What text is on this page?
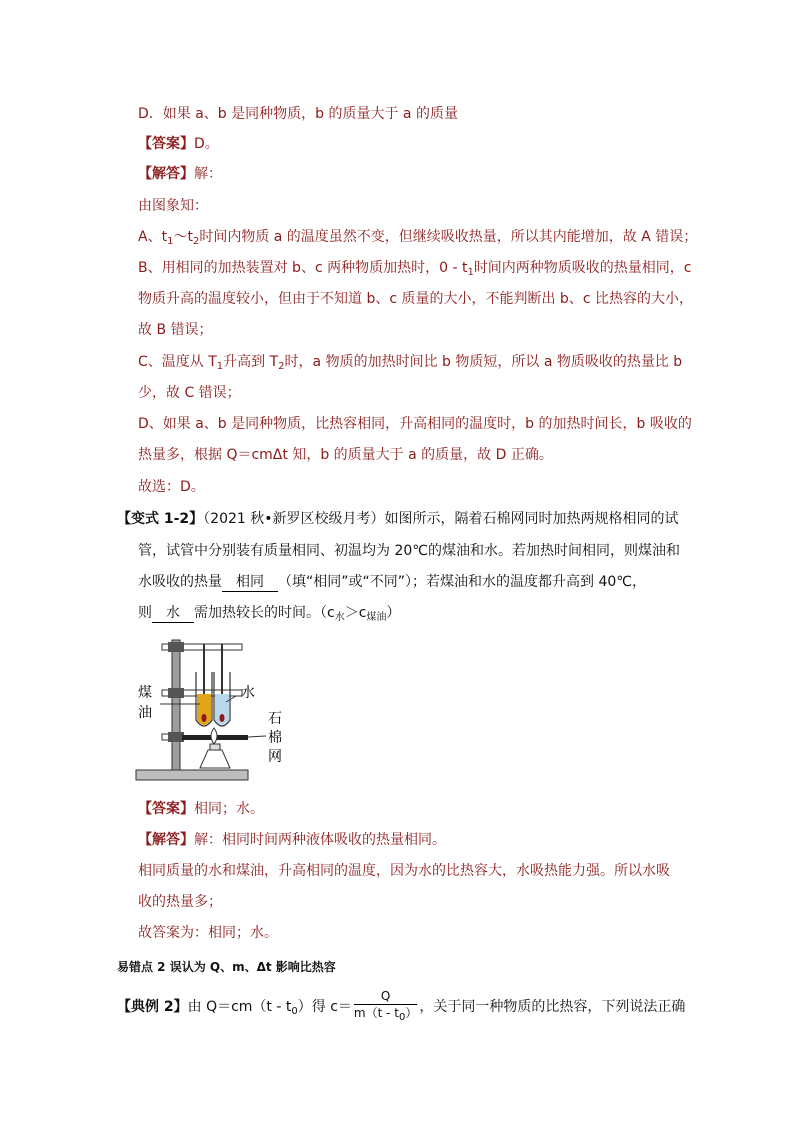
D．如果 a、b 是同种物质，b 的质量大于 a 的质量
【答案】D。
【解答】解：
由图象知：
A、$t_1\sim t_2$时间内物质 a 的温度虽然不变，但继续吸收热量，所以其内能增加，故 A 错误；
B、用相同的加热装置对 b、c 两种物质加热时，$0 - t_1$时间内两种物质吸收的热量相同，c
物质升高的温度较小，但由于不知道 b、c 质量的大小，不能判断出 b、c 比热容的大小，
故 B 错误；
C、温度从 $T_1$升高到 $T_2$时，a 物质的加热时间比 b 物质短，所以 a 物质吸收的热量比 b
少，故 C 错误；
D、如果 a、b 是同种物质，比热容相同，升高相同的温度时，b 的加热时间长，b 吸收的
热量多，根据 Q＝cmΔt 知，b 的质量大于 a 的质量，故 D 正确。
故选：D。
【变式 1-2】（2021 秋•新罗区校级月考）如图所示，隔着石棉网同时加热两规格相同的试
管，试管中分别装有质量相同、初温均为 20℃的煤油和水。若加热时间相同，则煤油和
水吸收的热量 相同 （填“相同”或“不同”）；若煤油和水的温度都升高到 40℃，
则 水 需加热较长的时间。$(c_水>c_{煤油})$
煤
油
水
石
棉
网
【答案】相同；水。
【解答】解：相同时间两种液体吸收的热量相同。
相同质量的水和煤油，升高相同的温度，因为水的比热容大，水吸热能力强。所以水吸
收的热量多；
故答案为：相同；水。
易错点 2 误认为 Q、m、Δt 影响比热容
【典例 2】由 $Q=cm(t - t_0)$得 $c= \frac{Q}{m(t - t_0)}$ ，关于同一种物质的比热容，下列说法正确
